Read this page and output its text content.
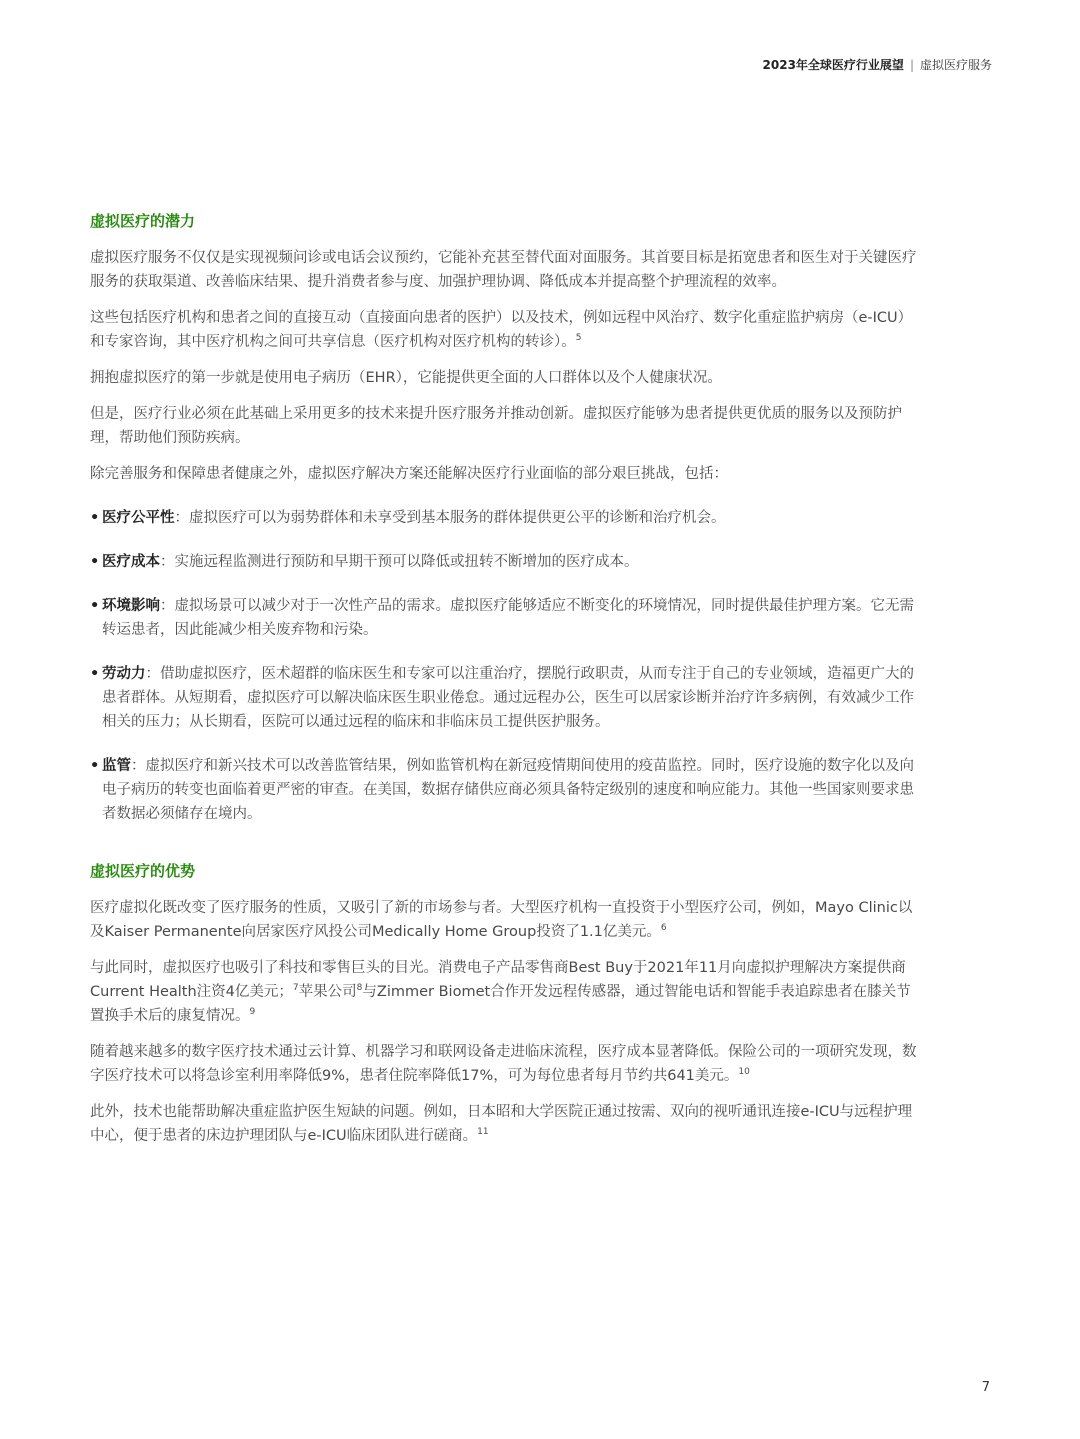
2023年全球医疗行业展望 | 虚拟医疗服务
虚拟医疗的潜力

虚拟医疗服务不仅仅是实现视频问诊或电话会议预约，它能补充甚至替代面对面服务。其首要目标是拓宽患者和医生对于关键医疗服务的获取渠道、改善临床结果、提升消费者参与度、加强护理协调、降低成本并提高整个护理流程的效率。

这些包括医疗机构和患者之间的直接互动（直接面向患者的医护）以及技术，例如远程中风治疗、数字化重症监护病房（e-ICU）和专家咨询，其中医疗机构之间可共享信息（医疗机构对医疗机构的转诊）。$^5$

拥抱虚拟医疗的第一步就是使用电子病历（EHR），它能提供更全面的人口群体以及个人健康状况。

但是，医疗行业必须在此基础上采用更多的技术来提升医疗服务并推动创新。虚拟医疗能够为患者提供更优质的服务以及预防护理，帮助他们预防疾病。

除完善服务和保障患者健康之外，虚拟医疗解决方案还能解决医疗行业面临的部分艰巨挑战，包括：

• 医疗公平性：虚拟医疗可以为弱势群体和未享受到基本服务的群体提供更公平的诊断和治疗机会。
• 医疗成本：实施远程监测进行预防和早期干预可以降低或扭转不断增加的医疗成本。
• 环境影响：虚拟场景可以减少对于一次性产品的需求。虚拟医疗能够适应不断变化的环境情况，同时提供最佳护理方案。它无需转运患者，因此能减少相关废弃物和污染。
• 劳动力：借助虚拟医疗，医术超群的临床医生和专家可以注重治疗，摆脱行政职责，从而专注于自己的专业领域，造福更广大的患者群体。从短期看，虚拟医疗可以解决临床医生职业倦怠。通过远程办公，医生可以居家诊断并治疗许多病例，有效减少工作相关的压力；从长期看，医院可以通过远程的临床和非临床员工提供医护服务。
• 监管：虚拟医疗和新兴技术可以改善监管结果，例如监管机构在新冠疫情期间使用的疫苗监控。同时，医疗设施的数字化以及向电子病历的转变也面临着更严密的审查。在美国，数据存储供应商必须具备特定级别的速度和响应能力。其他一些国家则要求患者数据必须储存在境内。
虚拟医疗的优势

医疗虚拟化既改变了医疗服务的性质，又吸引了新的市场参与者。大型医疗机构一直投资于小型医疗公司，例如，Mayo Clinic以及Kaiser Permanente向居家医疗风投公司Medically Home Group投资了1.1亿美元。$^6$

与此同时，虚拟医疗也吸引了科技和零售巨头的目光。消费电子产品零售商Best Buy于2021年11月向虚拟护理解决方案提供商Current Health注资4亿美元；$^7$苹果公司$^8$与Zimmer Biomet合作开发远程传感器，通过智能电话和智能手表追踪患者在膝关节置换手术后的康复情况。$^9$

随着越来越多的数字医疗技术通过云计算、机器学习和联网设备走进临床流程，医疗成本显著降低。保险公司的一项研究发现，数字医疗技术可以将急诊室利用率降低9%，患者住院率降低17%，可为每位患者每月节约共641美元。$^{10}$

此外，技术也能帮助解决重症监护医生短缺的问题。例如，日本昭和大学医院正通过按需、双向的视听通讯连接e-ICU与远程护理中心，便于患者的床边护理团队与e-ICU临床团队进行磋商。$^{11}$

7
